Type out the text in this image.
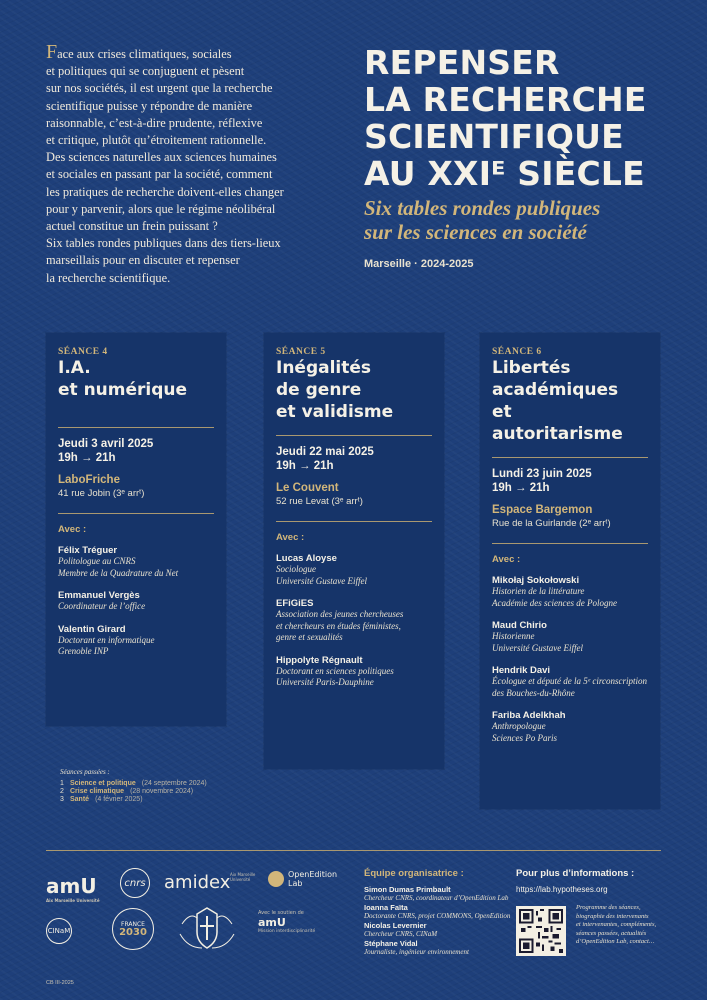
Face aux crises climatiques, sociales
et politiques qui se conjuguent et pèsent
sur nos sociétés, il est urgent que la recherche
scientifique puisse y répondre de manière
raisonnable, c’est-à-dire prudente, réflexive
et critique, plutôt qu’étroitement rationnelle.
Des sciences naturelles aux sciences humaines
et sociales en passant par la société, comment
les pratiques de recherche doivent-elles changer
pour y parvenir, alors que le régime néolibéral
actuel constitue un frein puissant ?
Six tables rondes publiques dans des tiers-lieux
marseillais pour en discuter et repenser
la recherche scientifique.

REPENSER
LA RECHERCHE
SCIENTIFIQUE
AU XXIᴱ SIÈCLE
Six tables rondes publiques
sur les sciences en société
Marseille · 2024-2025
SÉANCE 4
I.A.
et numérique
Jeudi 3 avril 2025
19h → 21h
LaboFriche
41 rue Jobin (3ᵉ arrᵗ)
Avec :
Félix Tréguer
Politologue au CNRS
Membre de la Quadrature du Net
Emmanuel Vergès
Coordinateur de l’office
Valentin Girard
Doctorant en informatique
Grenoble INP
SÉANCE 5
Inégalités
de genre
et validisme
Jeudi 22 mai 2025
19h → 21h
Le Couvent
52 rue Levat (3ᵉ arrᵗ)
Avec :
Lucas Aloyse
Sociologue
Université Gustave Eiffel
EFiGiES
Association des jeunes chercheuses
et chercheurs en études féministes,
genre et sexualités
Hippolyte Régnault
Doctorant en sciences politiques
Université Paris-Dauphine
SÉANCE 6
Libertés
académiques
et autoritarisme
Lundi 23 juin 2025
19h → 21h
Espace Bargemon
Rue de la Guirlande (2ᵉ arrᵗ)
Avec :
Mikołaj Sokołowski
Historien de la littérature
Académie des sciences de Pologne
Maud Chirio
Historienne
Université Gustave Eiffel
Hendrik Davi
Écologue et député de la 5ᵉ circonscription
des Bouches-du-Rhône
Fariba Adelkhah
Anthropologue
Sciences Po Paris
Séances passées :
1 Science et politique (24 septembre 2024)
2 Crise climatique (28 novembre 2024)
3 Santé (4 février 2025)
amU
Aix Marseille Université
cnrs amidex Aix Marseille Université
OpenEdition
Lab
CINaM
FRANCE
2030
Avec le soutien de
amU
Mission interdisciplinarité
Équipe organisatrice :
Simon Dumas Primbault
Chercheur CNRS, coordinateur d’OpenEdition Lab
Ioanna Faïta
Doctorante CNRS, projet COMMONS, OpenEdition
Nicolas Levernier
Chercheur CNRS, CINaM
Stéphane Vidal
Journaliste, ingénieur environnement
Pour plus d’informations :
https://lab.hypotheses.org
Programme des séances,
biographie des intervenants
et intervenantes, compléments,
séances passées, actualités
d’OpenEdition Lab, contact…
CB III-2025
